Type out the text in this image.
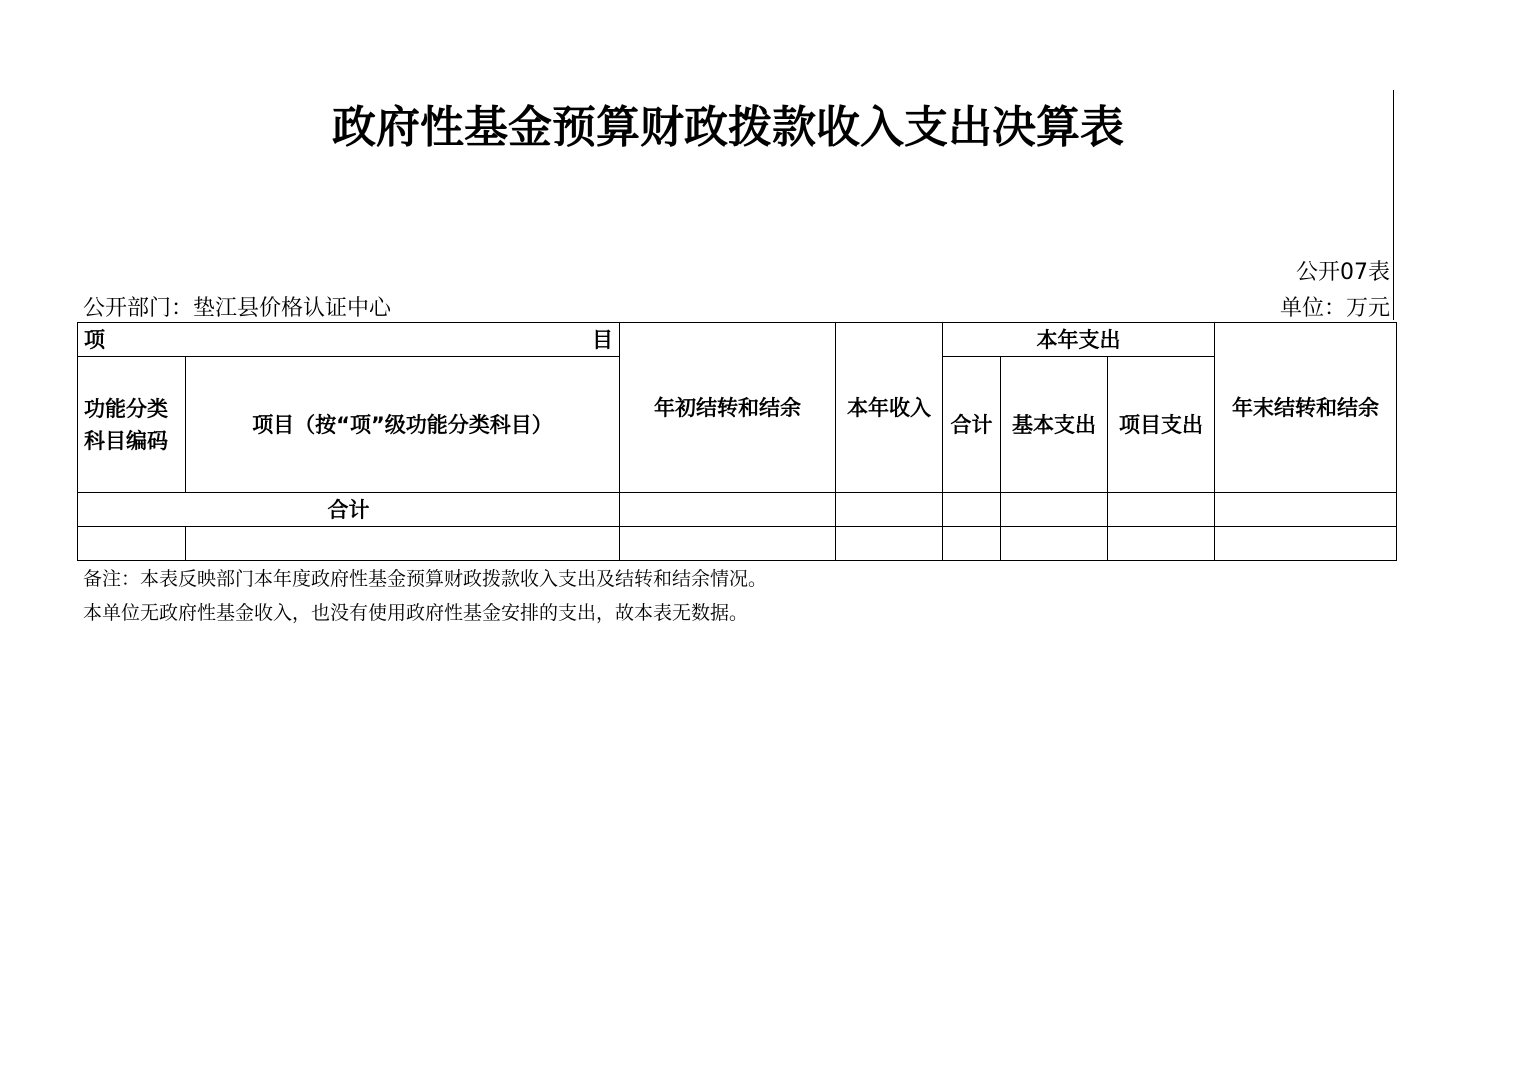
政府性基金预算财政拨款收入支出决算表
公开07表
公开部门：垫江县价格认证中心	单位：万元
项 目		年初结转和结余	本年收入	本年支出			年末结转和结余
功能分类科目编码	项目（按“项”级功能分类科目）			合计	基本支出	项目支出	
合计							

备注：本表反映部门本年度政府性基金预算财政拨款收入支出及结转和结余情况。
本单位无政府性基金收入，也没有使用政府性基金安排的支出，故本表无数据。
